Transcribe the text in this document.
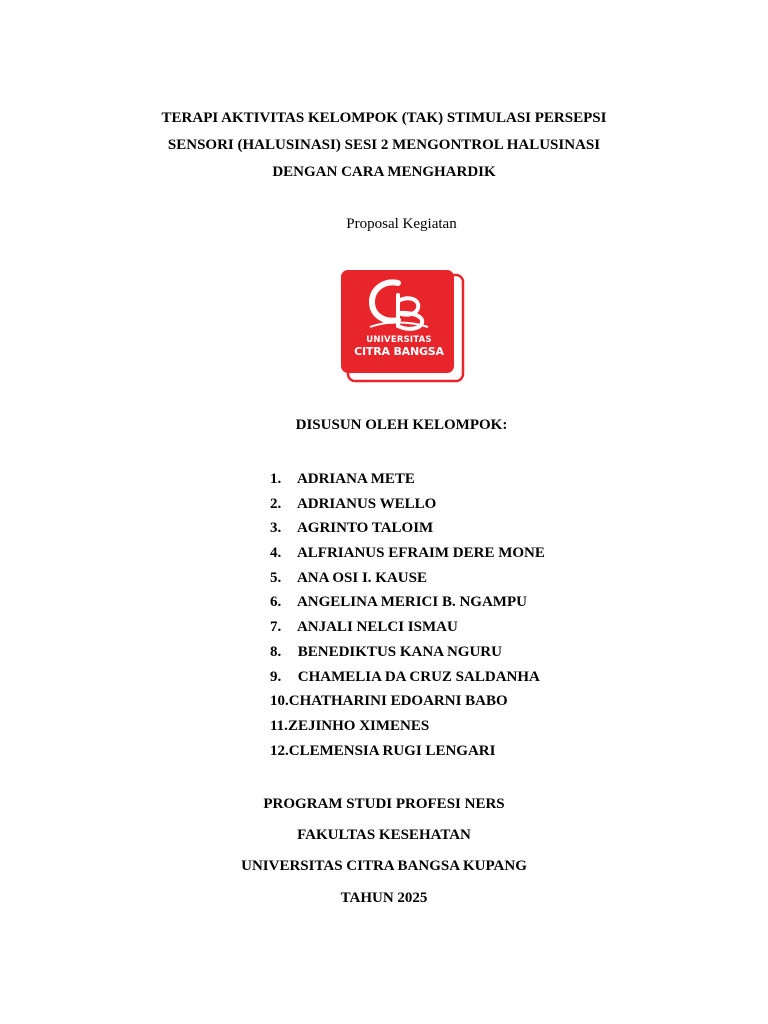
TERAPI AKTIVITAS KELOMPOK (TAK) STIMULASI PERSEPSI
SENSORI (HALUSINASI) SESI 2 MENGONTROL HALUSINASI
DENGAN CARA MENGHARDIK
Proposal Kegiatan
UNIVERSITAS
CITRA BANGSA
DISUSUN OLEH KELOMPOK:
1. ADRIANA METE
2. ADRIANUS WELLO
3. AGRINTO TALOIM
4. ALFRIANUS EFRAIM DERE MONE
5. ANA OSI I. KAUSE
6. ANGELINA MERICI B. NGAMPU
7. ANJALI NELCI ISMAU
8. BENEDIKTUS KANA NGURU
9. CHAMELIA DA CRUZ SALDANHA
10.CHATHARINI EDOARNI BABO
11.ZEJINHO XIMENES
12.CLEMENSIA RUGI LENGARI
PROGRAM STUDI PROFESI NERS
FAKULTAS KESEHATAN
UNIVERSITAS CITRA BANGSA KUPANG
TAHUN 2025
